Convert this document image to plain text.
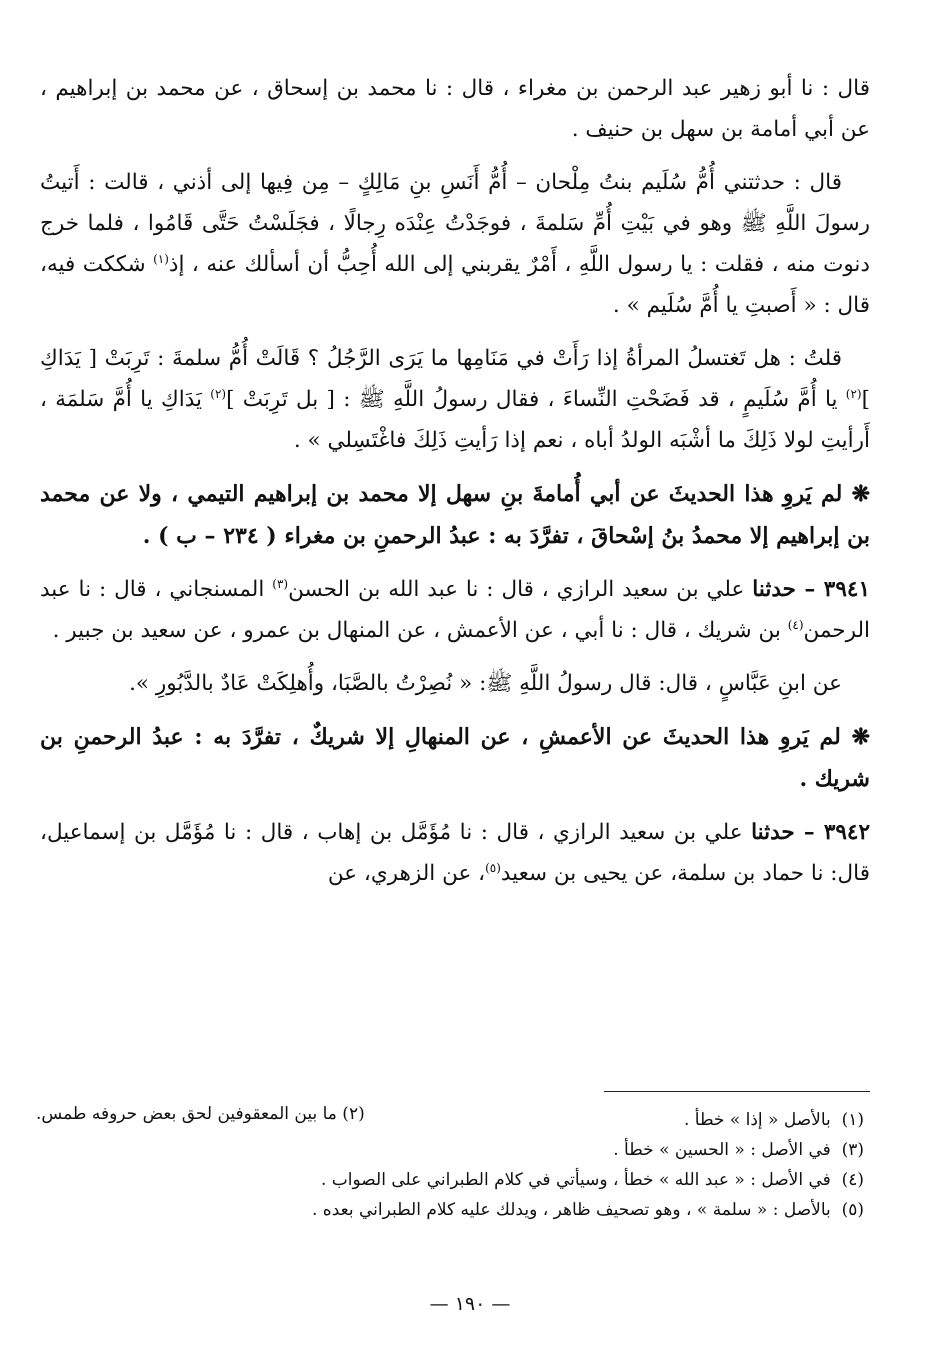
قال : نا أبو زهير عبد الرحمن بن مغراء ، قال : نا محمد بن إسحاق ، عن محمد بن إبراهيم ، عن أبي أمامة بن سهل بن حنيف .

قال : حدثتني أُمُّ سُلَيم بنتُ مِلْحان – أُمُّ أَنَسِ بنِ مَالِكٍ – مِن فِيها إلى أذني ، قالت : أَتيتُ رسولَ اللَّهِ ﷺ وهو في بَيْتِ أُمِّ سَلمةَ ، فوجَدْتُ عِنْدَه رِجالًا ، فجَلَسْتُ حَتَّى قَامُوا ، فلما خرج دنوت منه ، فقلت : يا رسول اللَّهِ ، أَمْرٌ يقربني إلى الله أُحِبُّ أن أسألك عنه ، إذ$^{(١)}$ شككت فيه، قال : « أَصبتِ يا أُمَّ سُلَيم » .

قلتُ : هل تَغتسلُ المرأةُ إذا رَأَتْ في مَنَامِها ما يَرَى الرَّجُلُ ؟ قَالَتْ أُمُّ سلمةَ : تَرِبَتْ [ يَدَاكِ ]$^{(٢)}$ يا أُمَّ سُلَيمٍ ، قد فَضَحْتِ النِّساءَ ، فقال رسولُ اللَّهِ ﷺ : [ بل تَرِبَتْ ]$^{(٢)}$ يَدَاكِ يا أُمَّ سَلمَة ، أَرأيتِ لولا ذَلِكَ ما أشْبَه الولدُ أباه ، نعم إذا رَأيتِ ذَلِكَ فاغْتَسِلي » .

❋ لم يَروِ هذا الحديثَ عن أبي أُمامةَ بنِ سهل إلا محمد بن إبراهيم التيمي ، ولا عن محمد بن إبراهيم إلا محمدُ بنُ إسْحاقَ ، تفرَّدَ به : عبدُ الرحمنِ بن مغراء ( ٢٣٤ – ب ) .

٣٩٤١ – حدثنا علي بن سعيد الرازي ، قال : نا عبد الله بن الحسن$^{(٣)}$ المسنجاني ، قال : نا عبد الرحمن$^{(٤)}$ بن شريك ، قال : نا أبي ، عن الأعمش ، عن المنهال بن عمرو ، عن سعيد بن جبير .

عن ابنِ عَبَّاسٍ ، قال: قال رسولُ اللَّهِ ﷺ: « نُصِرْتُ بالصَّبَا، وأُهلِكَتْ عَادٌ بالدَّبُورِ ».

❋ لم يَروِ هذا الحديثَ عن الأعمشِ ، عن المنهالِ إلا شريكٌ ، تفرَّدَ به : عبدُ الرحمنِ بن شريك .

٣٩٤٢ – حدثنا علي بن سعيد الرازي ، قال : نا مُؤَمَّل بن إهاب ، قال : نا مُؤَمَّل بن إسماعيل، قال: نا حماد بن سلمة، عن يحيى بن سعيد$^{(٥)}$، عن الزهري، عن

(١)  بالأصل « إذا » خطأ .
(٢) ما بين المعقوفين لحق بعض حروفه طمس.
(٣)  في الأصل : « الحسين » خطأ .
(٤)  في الأصل : « عبد الله » خطأ ، وسيأتي في كلام الطبراني على الصواب .
(٥)  بالأصل : « سلمة » ، وهو تصحيف ظاهر ، ويدلك عليه كلام الطبراني بعده .
— ١٩٠ —
